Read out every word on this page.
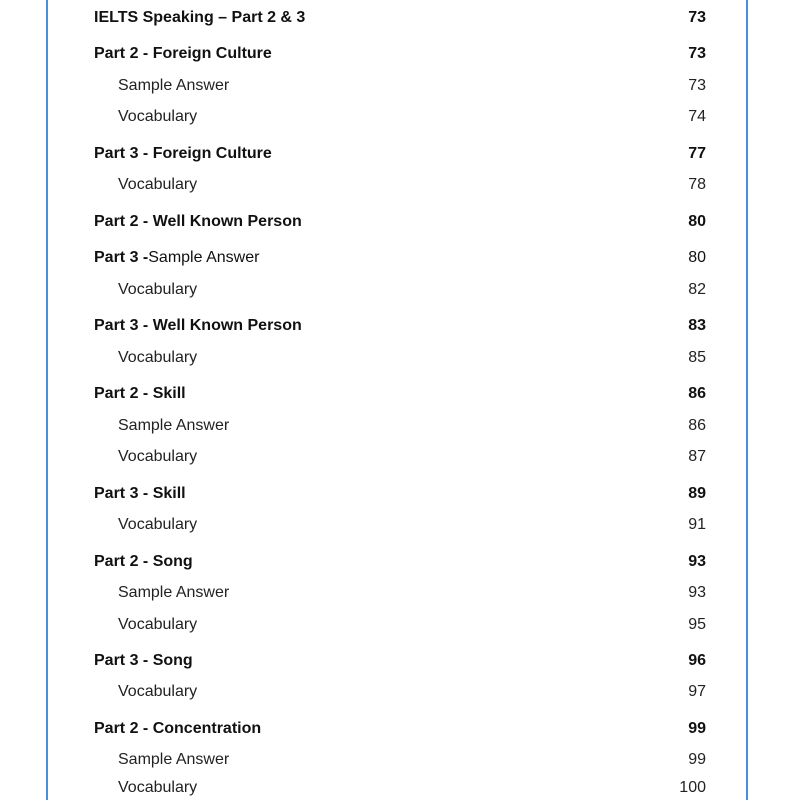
IELTS Speaking – Part 2 & 3	73
Part 2 - Foreign Culture	73
Sample Answer	73
Vocabulary	74
Part 3 - Foreign Culture	77
Vocabulary	78
Part 2 - Well Known Person	80
Part 3 -Sample Answer	80
Vocabulary	82
Part 3 - Well Known Person	83
Vocabulary	85
Part 2 - Skill	86
Sample Answer	86
Vocabulary	87
Part 3 - Skill	89
Vocabulary	91
Part 2 - Song	93
Sample Answer	93
Vocabulary	95
Part 3 - Song	96
Vocabulary	97
Part 2 - Concentration	99
Sample Answer	99
Vocabulary	100
